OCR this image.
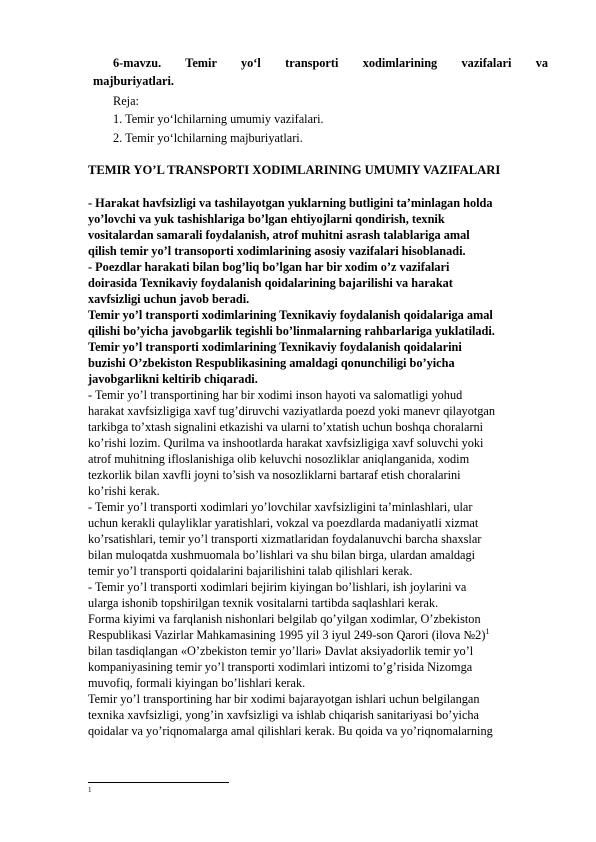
6-mavzu. Temir yo‘l transporti xodimlarining vazifalari va
majburiyatlari.
Reja:
1. Temir yo‘lchilarning umumiy vazifalari.
2. Temir yo‘lchilarning majburiyatlari.
TEMIR YO’L TRANSPORTI XODIMLARINING UMUMIY VAZIFALARI
- Harakat havfsizligi va tashilayotgan yuklarning butligini ta’minlagan holda
yo’lovchi va yuk tashishlariga bo’lgan ehtiyojlarni qondirish, texnik
vositalardan samarali foydalanish, atrof muhitni asrash talablariga amal
qilish temir yo’l transoporti xodimlarining asosiy vazifalari hisoblanadi.
- Poezdlar harakati bilan bog’liq bo’lgan har bir xodim o’z vazifalari
doirasida Texnikaviy foydalanish qoidalarining bajarilishi va harakat
xavfsizligi uchun javob beradi.
Temir yo’l transporti xodimlarining Texnikaviy foydalanish qoidalariga amal
qilishi bo’yicha javobgarlik tegishli bo’linmalarning rahbarlariga yuklatiladi.
Temir yo’l transporti xodimlarining Texnikaviy foydalanish qoidalarini
buzishi O’zbekiston Respublikasining amaldagi qonunchiligi bo’yicha
javobgarlikni keltirib chiqaradi.
- Temir yo’l transportining har bir xodimi inson hayoti va salomatligi yohud
harakat xavfsizligiga xavf tug’diruvchi vaziyatlarda poezd yoki manevr qilayotgan
tarkibga to’xtash signalini etkazishi va ularni to’xtatish uchun boshqa choralarni
ko’rishi lozim. Qurilma va inshootlarda harakat xavfsizligiga xavf soluvchi yoki
atrof muhitning ifloslanishiga olib keluvchi nosozliklar aniqlanganida, xodim
tezkorlik bilan xavfli joyni to’sish va nosozliklarni bartaraf etish choralarini
ko’rishi kerak.
- Temir yo’l transporti xodimlari yo’lovchilar xavfsizligini ta’minlashlari, ular
uchun kerakli qulayliklar yaratishlari, vokzal va poezdlarda madaniyatli xizmat
ko’rsatishlari, temir yo’l transporti xizmatlaridan foydalanuvchi barcha shaxslar
bilan muloqatda xushmuomala bo’lishlari va shu bilan birga, ulardan amaldagi
temir yo’l transporti qoidalarini bajarilishini talab qilishlari kerak.
- Temir yo’l transporti xodimlari bejirim kiyingan bo’lishlari, ish joylarini va
ularga ishonib topshirilgan texnik vositalarni tartibda saqlashlari kerak.
Forma kiyimi va farqlanish nishonlari belgilab qo’yilgan xodimlar, O’zbekiston
Respublikasi Vazirlar Mahkamasining 1995 yil 3 iyul 249-son Qarori (ilova №2)$^1$
bilan tasdiqlangan «O’zbekiston temir yo’llari» Davlat aksiyadorlik temir yo’l
kompaniyasining temir yo’l transporti xodimlari intizomi to’g’risida Nizomga
muvofiq, formali kiyingan bo’lishlari kerak.
Temir yo’l transportining har bir xodimi bajarayotgan ishlari uchun belgilangan
texnika xavfsizligi, yong’in xavfsizligi va ishlab chiqarish sanitariyasi bo’yicha
qoidalar va yo’riqnomalarga amal qilishlari kerak. Bu qoida va yo’riqnomalarning
1
